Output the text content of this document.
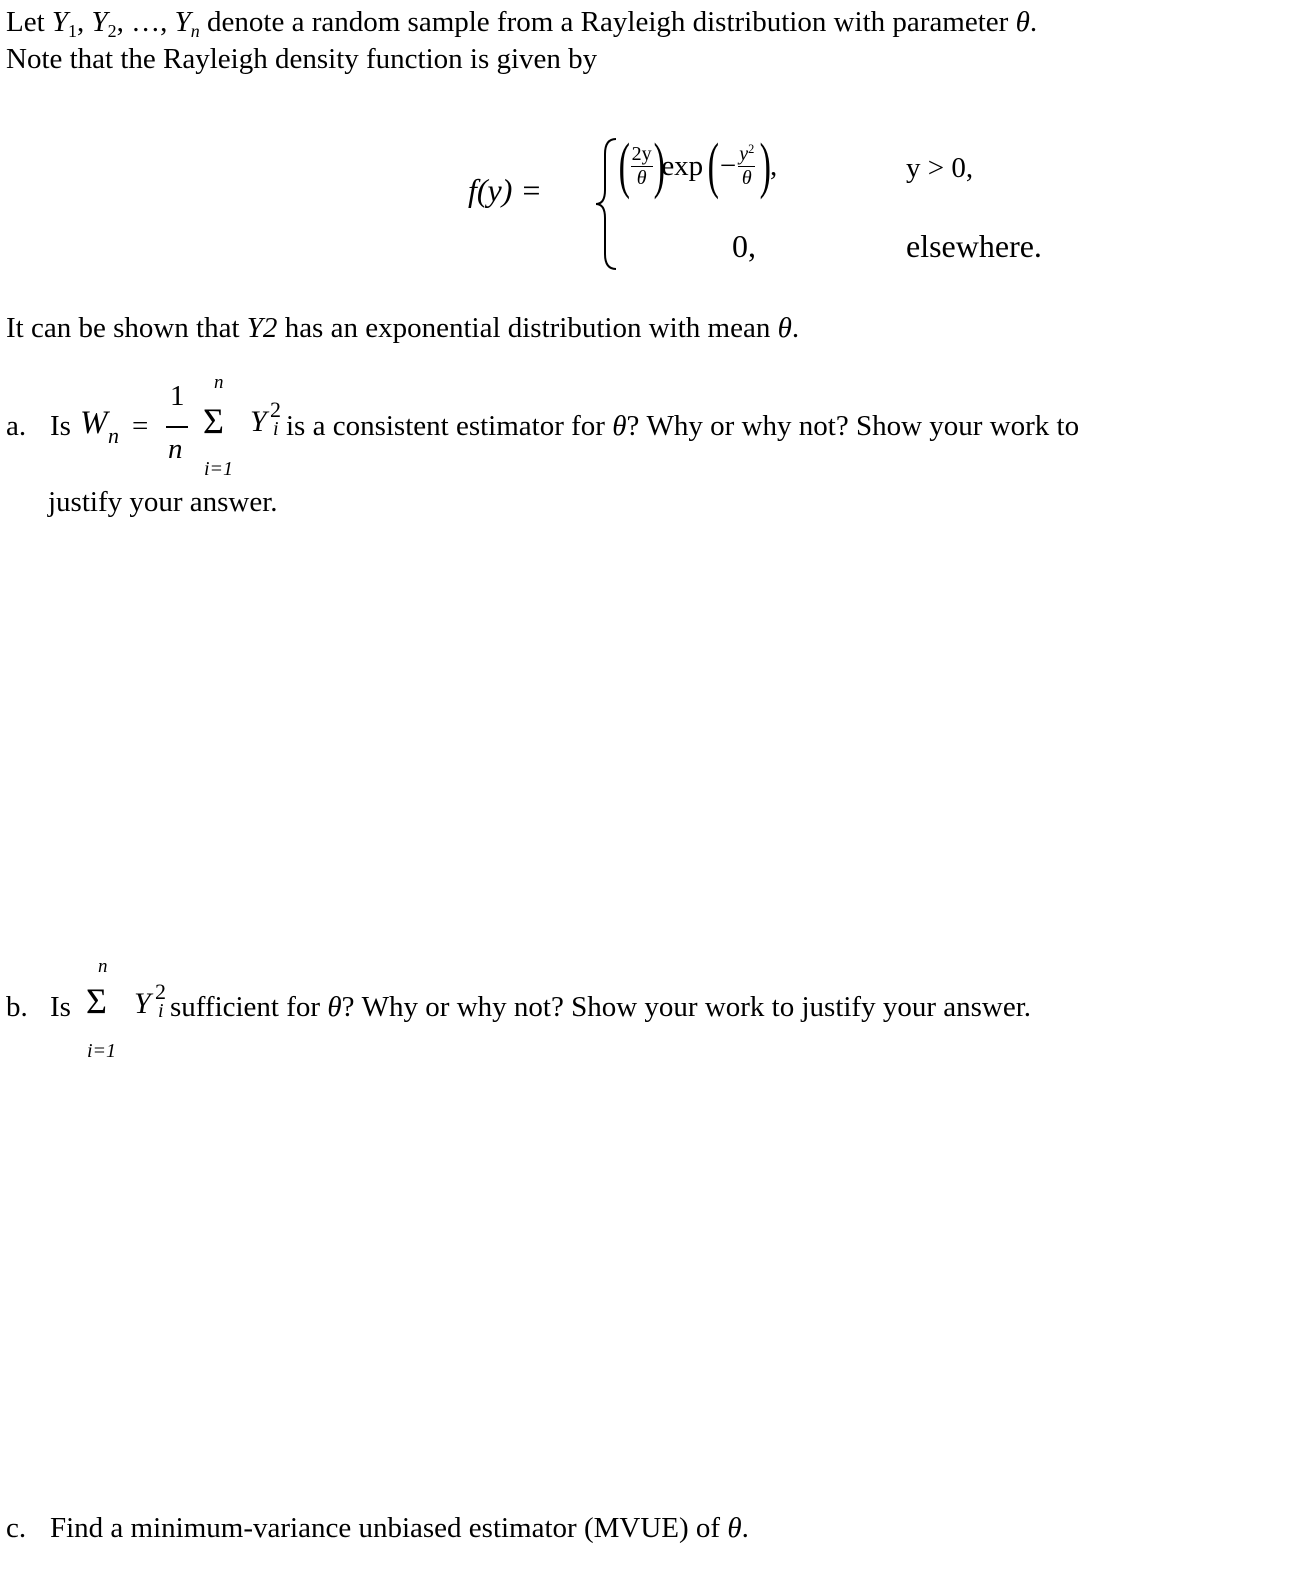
Let $Y_1$, $Y_2$, …, $Y_n$ denote a random sample from a Rayleigh distribution with parameter θ.
Note that the Rayleigh density function is given by
f(y) = ( $\frac{2y}{\theta}$ )
exp ( − $\frac{y^2}{\theta}$ )
,	y > 0,
0,	elsewhere.
It can be shown that Y2 has an exponential distribution with mean θ.
a. Is W n =
1
n
n
Σ
i=1
Y 2
i is a consistent estimator for θ? Why or why not? Show your work to
justify your answer.
b. Is
n
Σ
i=1
Y 2
i sufficient for θ? Why or why not? Show your work to justify your answer.
c. Find a minimum-variance unbiased estimator (MVUE) of θ.
